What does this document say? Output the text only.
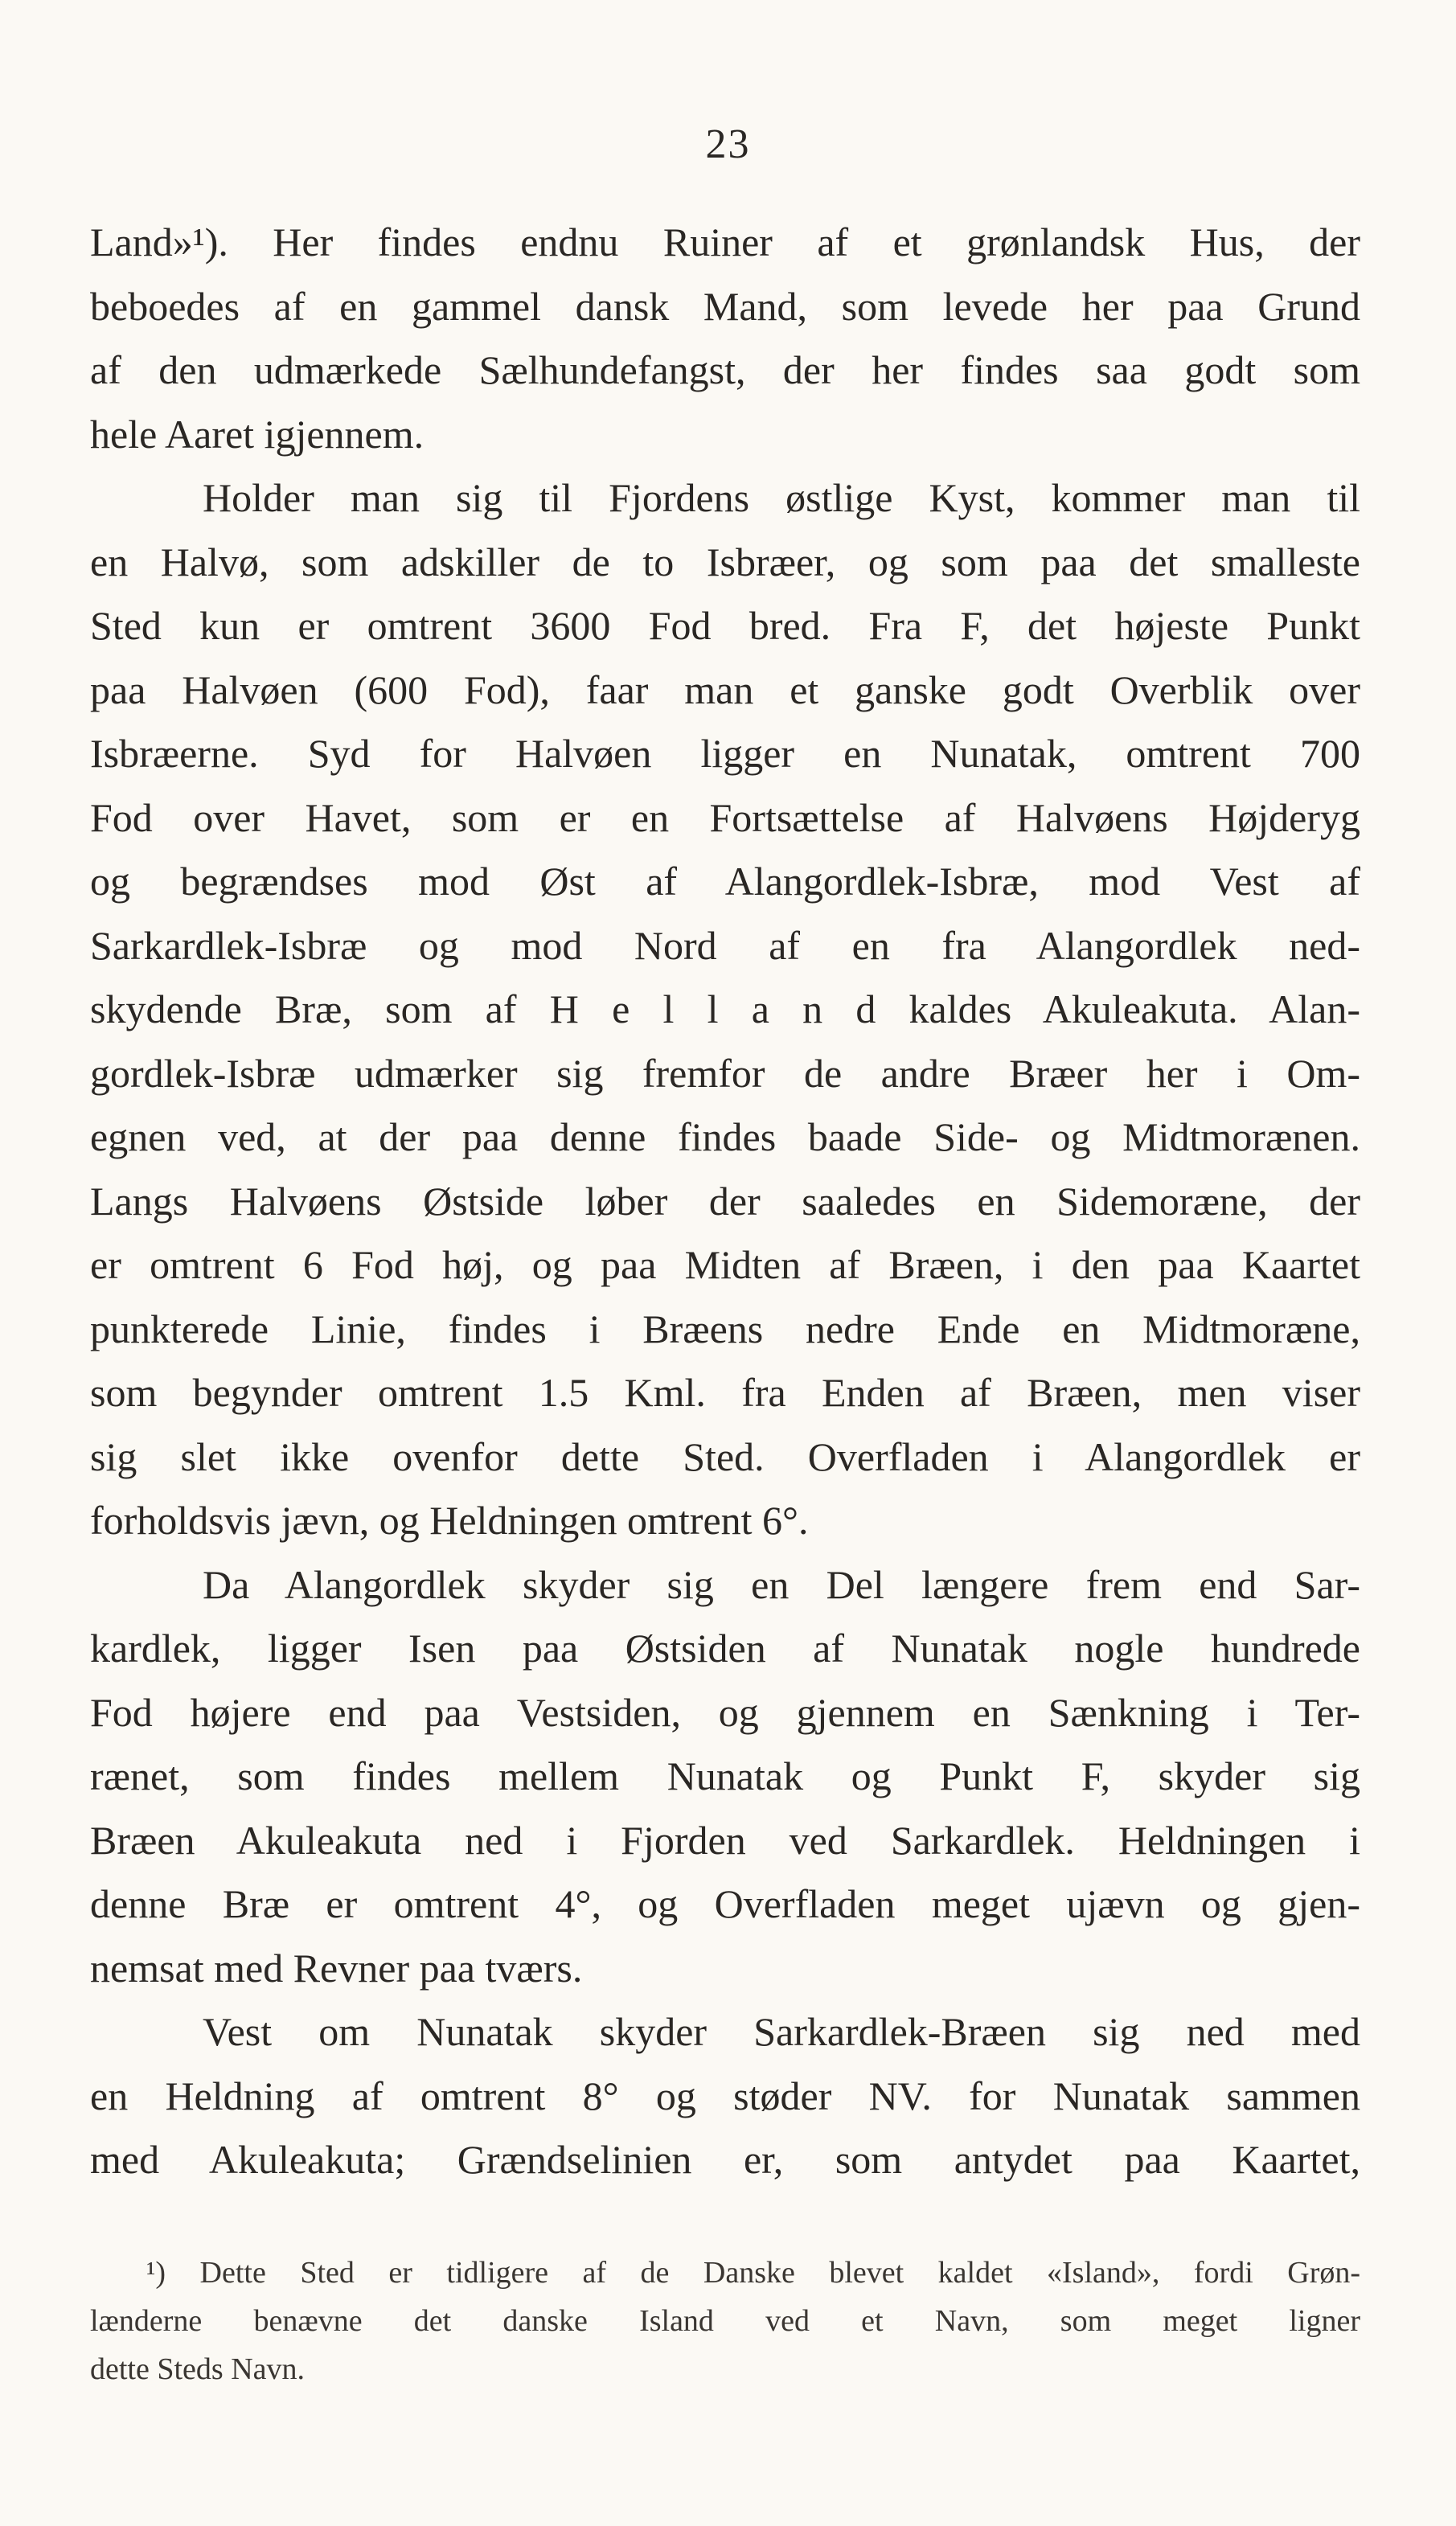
23
Land»¹). Her findes endnu Ruiner af et grønlandsk Hus, der
beboedes af en gammel dansk Mand, som levede her paa Grund
af den udmærkede Sælhundefangst, der her findes saa godt som
hele Aaret igjennem.
Holder man sig til Fjordens østlige Kyst, kommer man til
en Halvø, som adskiller de to Isbræer, og som paa det smalleste
Sted kun er omtrent 3600 Fod bred. Fra F, det højeste Punkt
paa Halvøen (600 Fod), faar man et ganske godt Overblik over
Isbræerne. Syd for Halvøen ligger en Nunatak, omtrent 700
Fod over Havet, som er en Fortsættelse af Halvøens Højderyg
og begrændses mod Øst af Alangordlek-Isbræ, mod Vest af
Sarkardlek-Isbræ og mod Nord af en fra Alangordlek ned-
skydende Bræ, som af H e l l a n d kaldes Akuleakuta. Alan-
gordlek-Isbræ udmærker sig fremfor de andre Bræer her i Om-
egnen ved, at der paa denne findes baade Side- og Midtmorænen.
Langs Halvøens Østside løber der saaledes en Sidemoræne, der
er omtrent 6 Fod høj, og paa Midten af Bræen, i den paa Kaartet
punkterede Linie, findes i Bræens nedre Ende en Midtmoræne,
som begynder omtrent 1.5 Kml. fra Enden af Bræen, men viser
sig slet ikke ovenfor dette Sted. Overfladen i Alangordlek er
forholdsvis jævn, og Heldningen omtrent 6°.
Da Alangordlek skyder sig en Del længere frem end Sar-
kardlek, ligger Isen paa Østsiden af Nunatak nogle hundrede
Fod højere end paa Vestsiden, og gjennem en Sænkning i Ter-
rænet, som findes mellem Nunatak og Punkt F, skyder sig
Bræen Akuleakuta ned i Fjorden ved Sarkardlek. Heldningen i
denne Bræ er omtrent 4°, og Overfladen meget ujævn og gjen-
nemsat med Revner paa tværs.
Vest om Nunatak skyder Sarkardlek-Bræen sig ned med
en Heldning af omtrent 8° og støder NV. for Nunatak sammen
med Akuleakuta; Grændselinien er, som antydet paa Kaartet,
¹) Dette Sted er tidligere af de Danske blevet kaldet «Island», fordi Grøn-
lænderne benævne det danske Island ved et Navn, som meget ligner
dette Steds Navn.
